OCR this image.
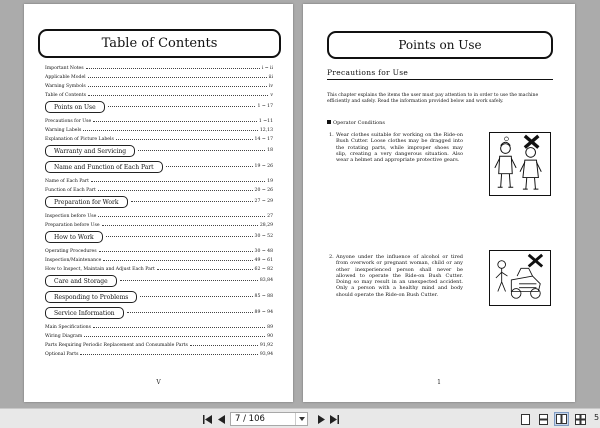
Table of Contents
Important Notes	i ~ ii
Applicable Model	iii
Warning Symbols	iv
Table of Contents	v
Points on Use	1 ~ 17
Precautions for Use	1 ~11
Warning Labels	12,13
Explanation of Picture Labels	14 ~ 17
Warranty and Servicing	18
Name and Function of Each Part	19 ~ 26
Name of Each Part	19
Function of Each Part	20 ~ 26
Preparation for Work	27 ~ 29
Inspection before Use	27
Preparation before Use	28,29
How to Work	30 ~ 52
Operating Procedures	30 ~ 48
Inspection/Maintenance	49 ~ 61
How to Inspect, Maintain and Adjust Each Part	62 ~ 82
Care and Storage	83,84
Responding to Problems	85 ~ 88
Service Information	89 ~ 94
Main Specifications	89
Wiring Diagram	90
Parts Requiring Periodic Replacement and Consumable Parts	91,92
Optional Parts	93,94
V
Points on Use
Precautions for Use
This chapter explains the items the user must pay attention to in order to use the machine efficiently and safely. Read the information provided below and work safely.
Operator Conditions
1. Wear clothes suitable for working on the Ride-on Bush Cutter. Loose clothes may be dragged into the rotating parts, while improper shoes may slip, creating a very dangerous situation. Also wear a helmet and appropriate protective gears.
2. Anyone under the influence of alcohol or tired from overwork or pregnant woman, child or any other inexperienced person shall never be allowed to operate the Ride-on Bush Cutter. Doing so may result in an unexpected accident. Only a person with a healthy mind and body should operate the Ride-on Bush Cutter.
1
7 / 106	5
